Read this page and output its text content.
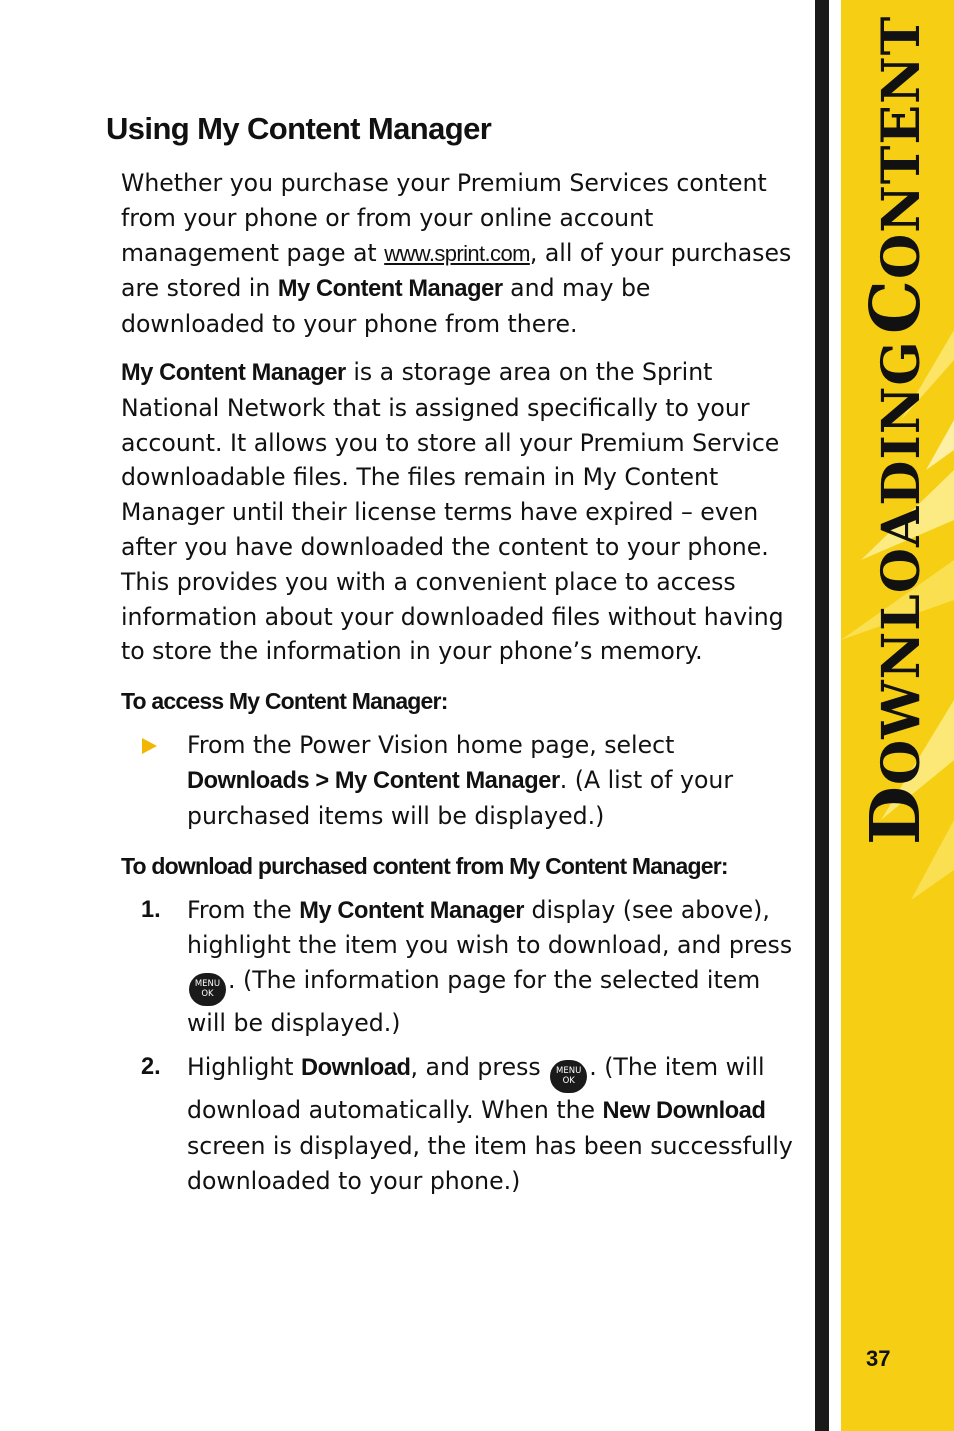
DOWNLOADING CONTENT
37
Using My Content Manager

Whether you purchase your Premium Services content from your phone or from your online account management page at www.sprint.com, all of your purchases are stored in My Content Manager and may be downloaded to your phone from there.

My Content Manager is a storage area on the Sprint National Network that is assigned specifically to your account. It allows you to store all your Premium Service downloadable files. The files remain in My Content Manager until their license terms have expired – even after you have downloaded the content to your phone. This provides you with a convenient place to access information about your downloaded files without having to store the information in your phone’s memory.

To access My Content Manager:
From the Power Vision home page, select Downloads > My Content Manager. (A list of your purchased items will be displayed.)
To download purchased content from My Content Manager:
1. From the My Content Manager display (see above), highlight the item you wish to download, and press
MENU
OK . (The information page for the selected item will be displayed.)
2. Highlight Download, and press MENU
OK . (The item will download automatically. When the New Download screen is displayed, the item has been successfully downloaded to your phone.)
